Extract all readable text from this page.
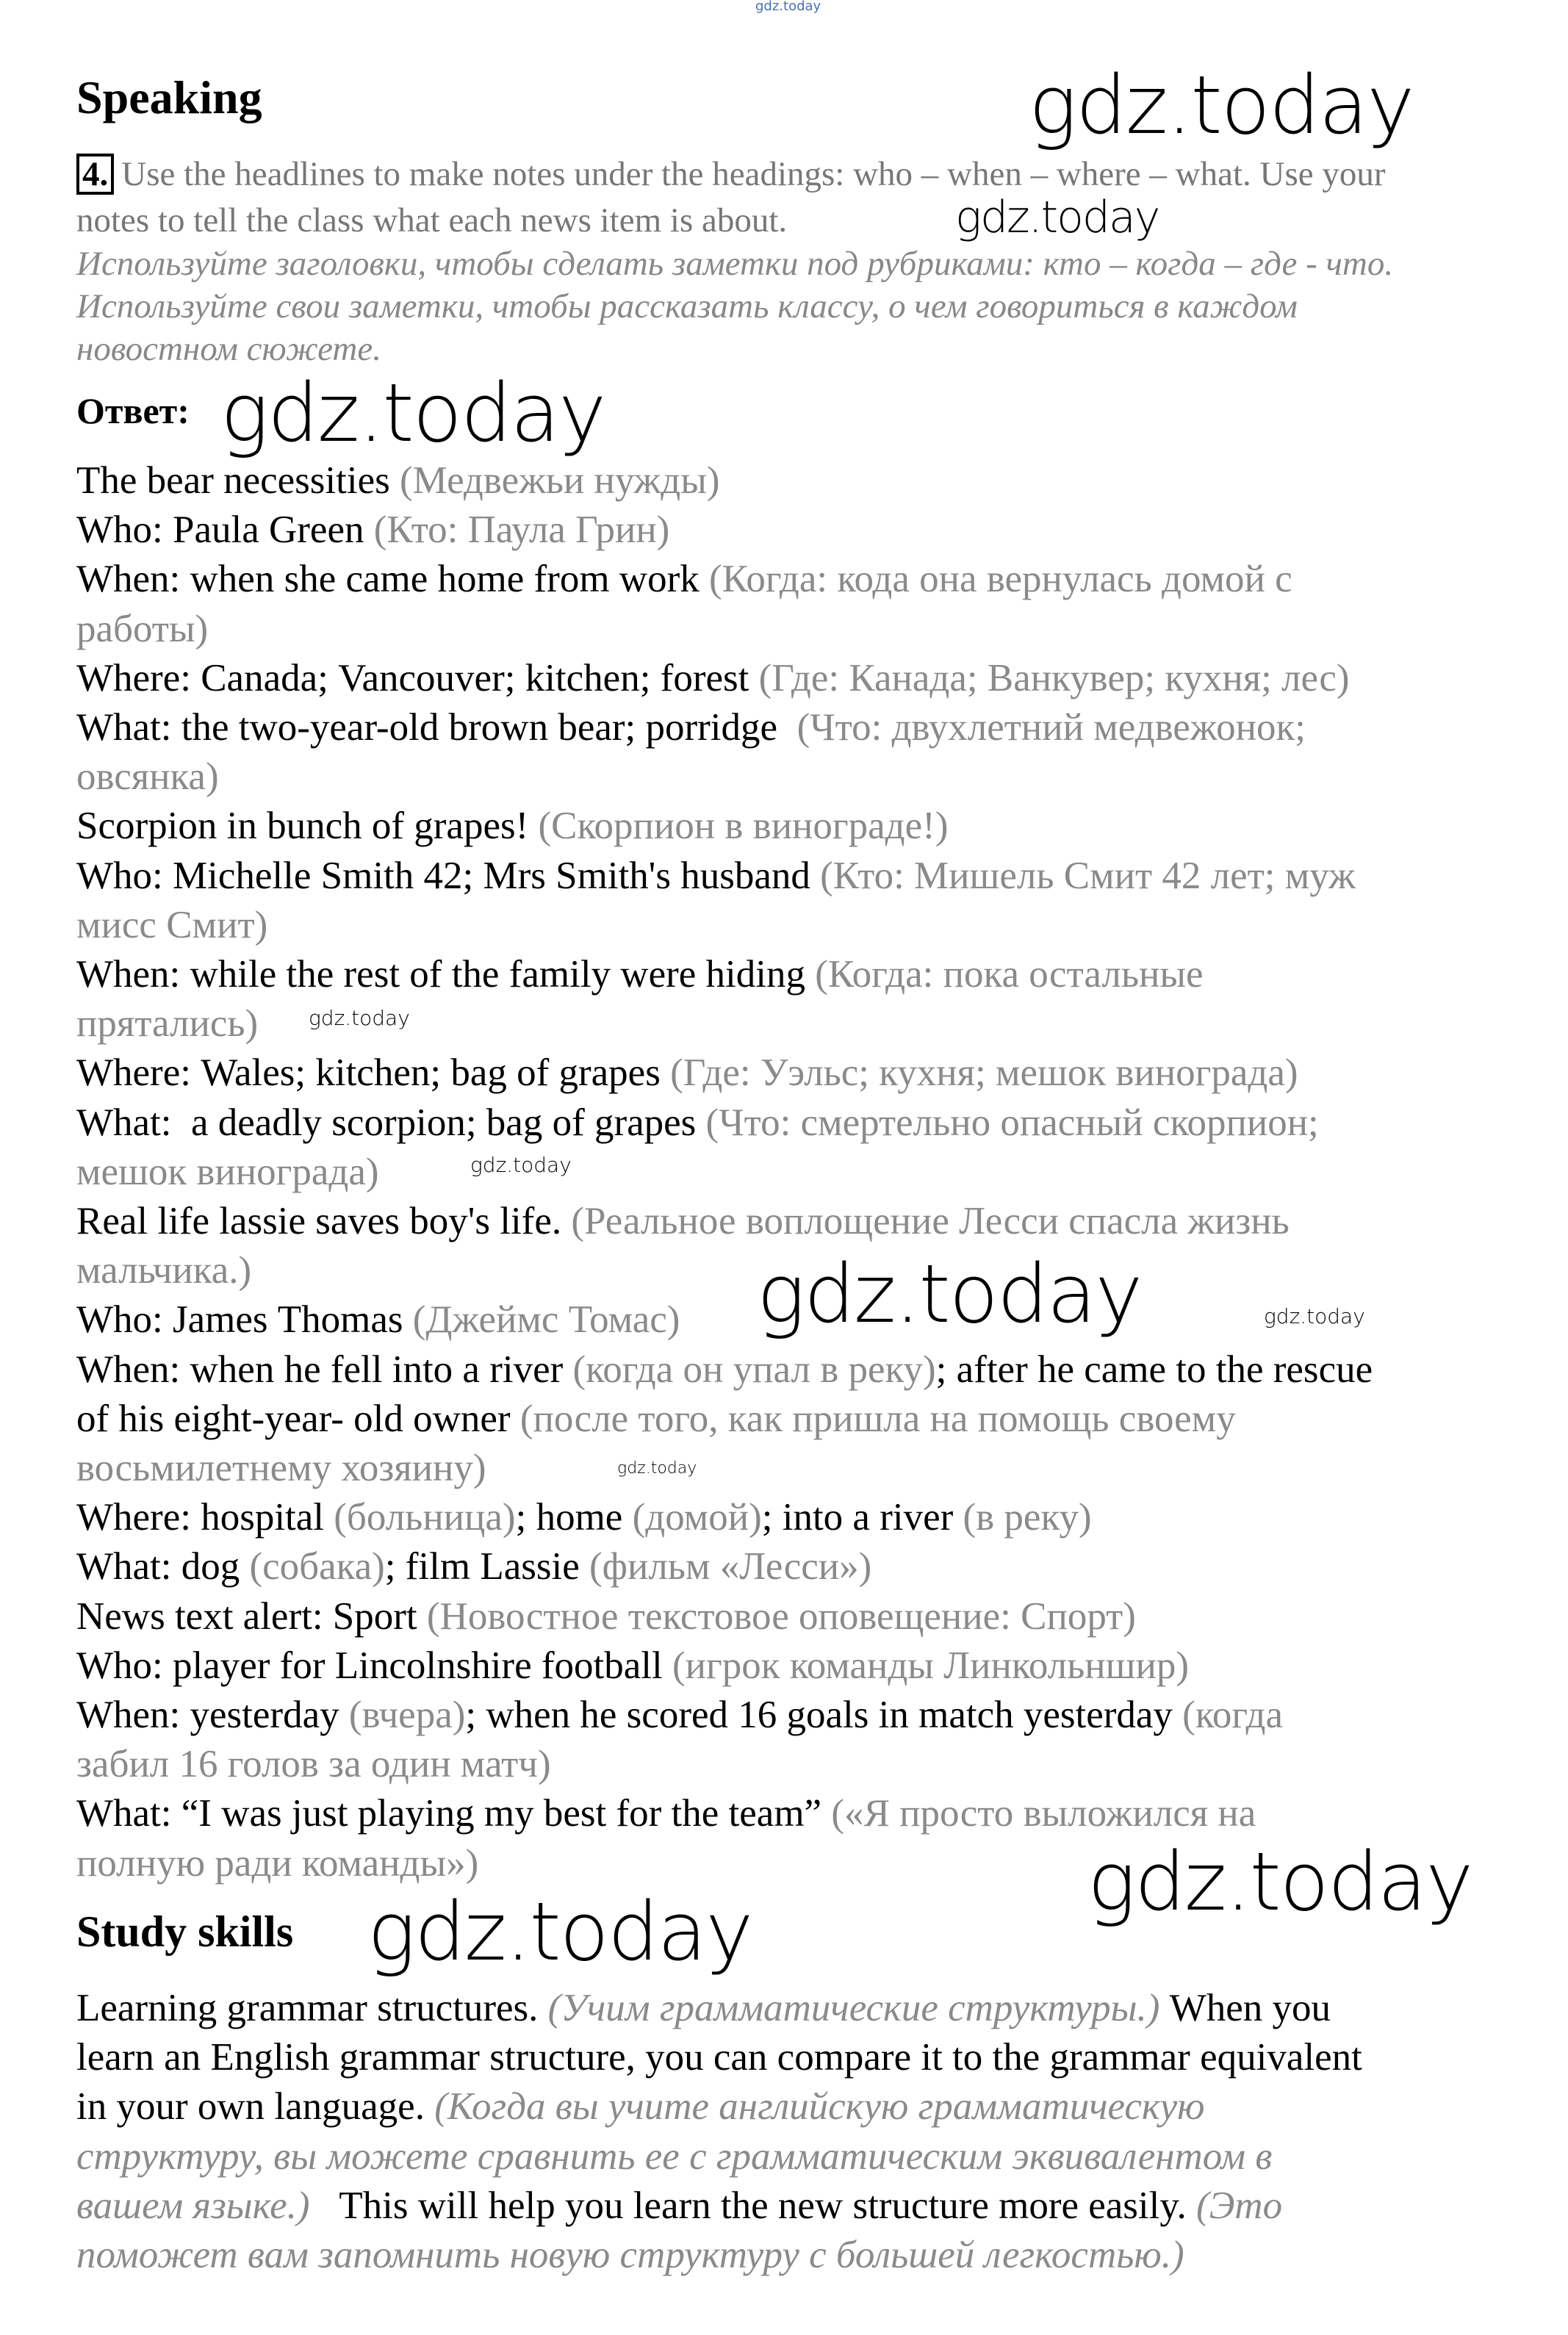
gdz.today
Speaking
4. Use the headlines to make notes under the headings: who – when – where – what. Use your
notes to tell the class what each news item is about.
Используйте заголовки, чтобы сделать заметки под рубриками: кто – когда – где - что.
Используйте свои заметки, чтобы рассказать классу, о чем говориться в каждом
новостном сюжете.
Ответ:
The bear necessities (Медвежьи нужды)
Who: Paula Green (Кто: Паула Грин)
When: when she came home from work (Когда: кода она вернулась домой с
работы)
Where: Canada; Vancouver; kitchen; forest (Где: Канада; Ванкувер; кухня; лес)
What: the two-year-old brown bear; porridge  (Что: двухлетний медвежонок;
овсянка)
Scorpion in bunch of grapes! (Скорпион в винограде!)
Who: Michelle Smith 42; Mrs Smith's husband (Кто: Мишель Смит 42 лет; муж
мисс Смит)
When: while the rest of the family were hiding (Когда: пока остальные
прятались)
Where: Wales; kitchen; bag of grapes (Где: Уэльс; кухня; мешок винограда)
What:  a deadly scorpion; bag of grapes (Что: смертельно опасный скорпион;
мешок винограда)
Real life lassie saves boy's life. (Реальное воплощение Лесси спасла жизнь
мальчика.)
Who: James Thomas (Джеймс Томас)
When: when he fell into a river (когда он упал в реку); after he came to the rescue
of his eight-year- old owner (после того, как пришла на помощь своему
восьмилетнему хозяину)
Where: hospital (больница); home (домой); into a river (в реку)
What: dog (собака); film Lassie (фильм «Лесси»)
News text alert: Sport (Новостное текстовое оповещение: Спорт)
Who: player for Lincolnshire football (игрок команды Линкольншир)
When: yesterday (вчера); when he scored 16 goals in match yesterday (когда
забил 16 голов за один матч)
What: “I was just playing my best for the team” («Я просто выложился на
полную ради команды»)
Study skills
Learning grammar structures. (Учим грамматические структуры.) When you
learn an English grammar structure, you can compare it to the grammar equivalent
in your own language. (Когда вы учите английскую грамматическую
структуру, вы можете сравнить ее с грамматическим эквивалентом в
вашем языке.)   This will help you learn the new structure more easily. (Это
поможет вам запомнить новую структуру с большей легкостью.)
gdz.today
gdz.today
gdz.today
gdz.today
gdz.today
gdz.today
gdz.today
gdz.today
gdz.today
gdz.today
